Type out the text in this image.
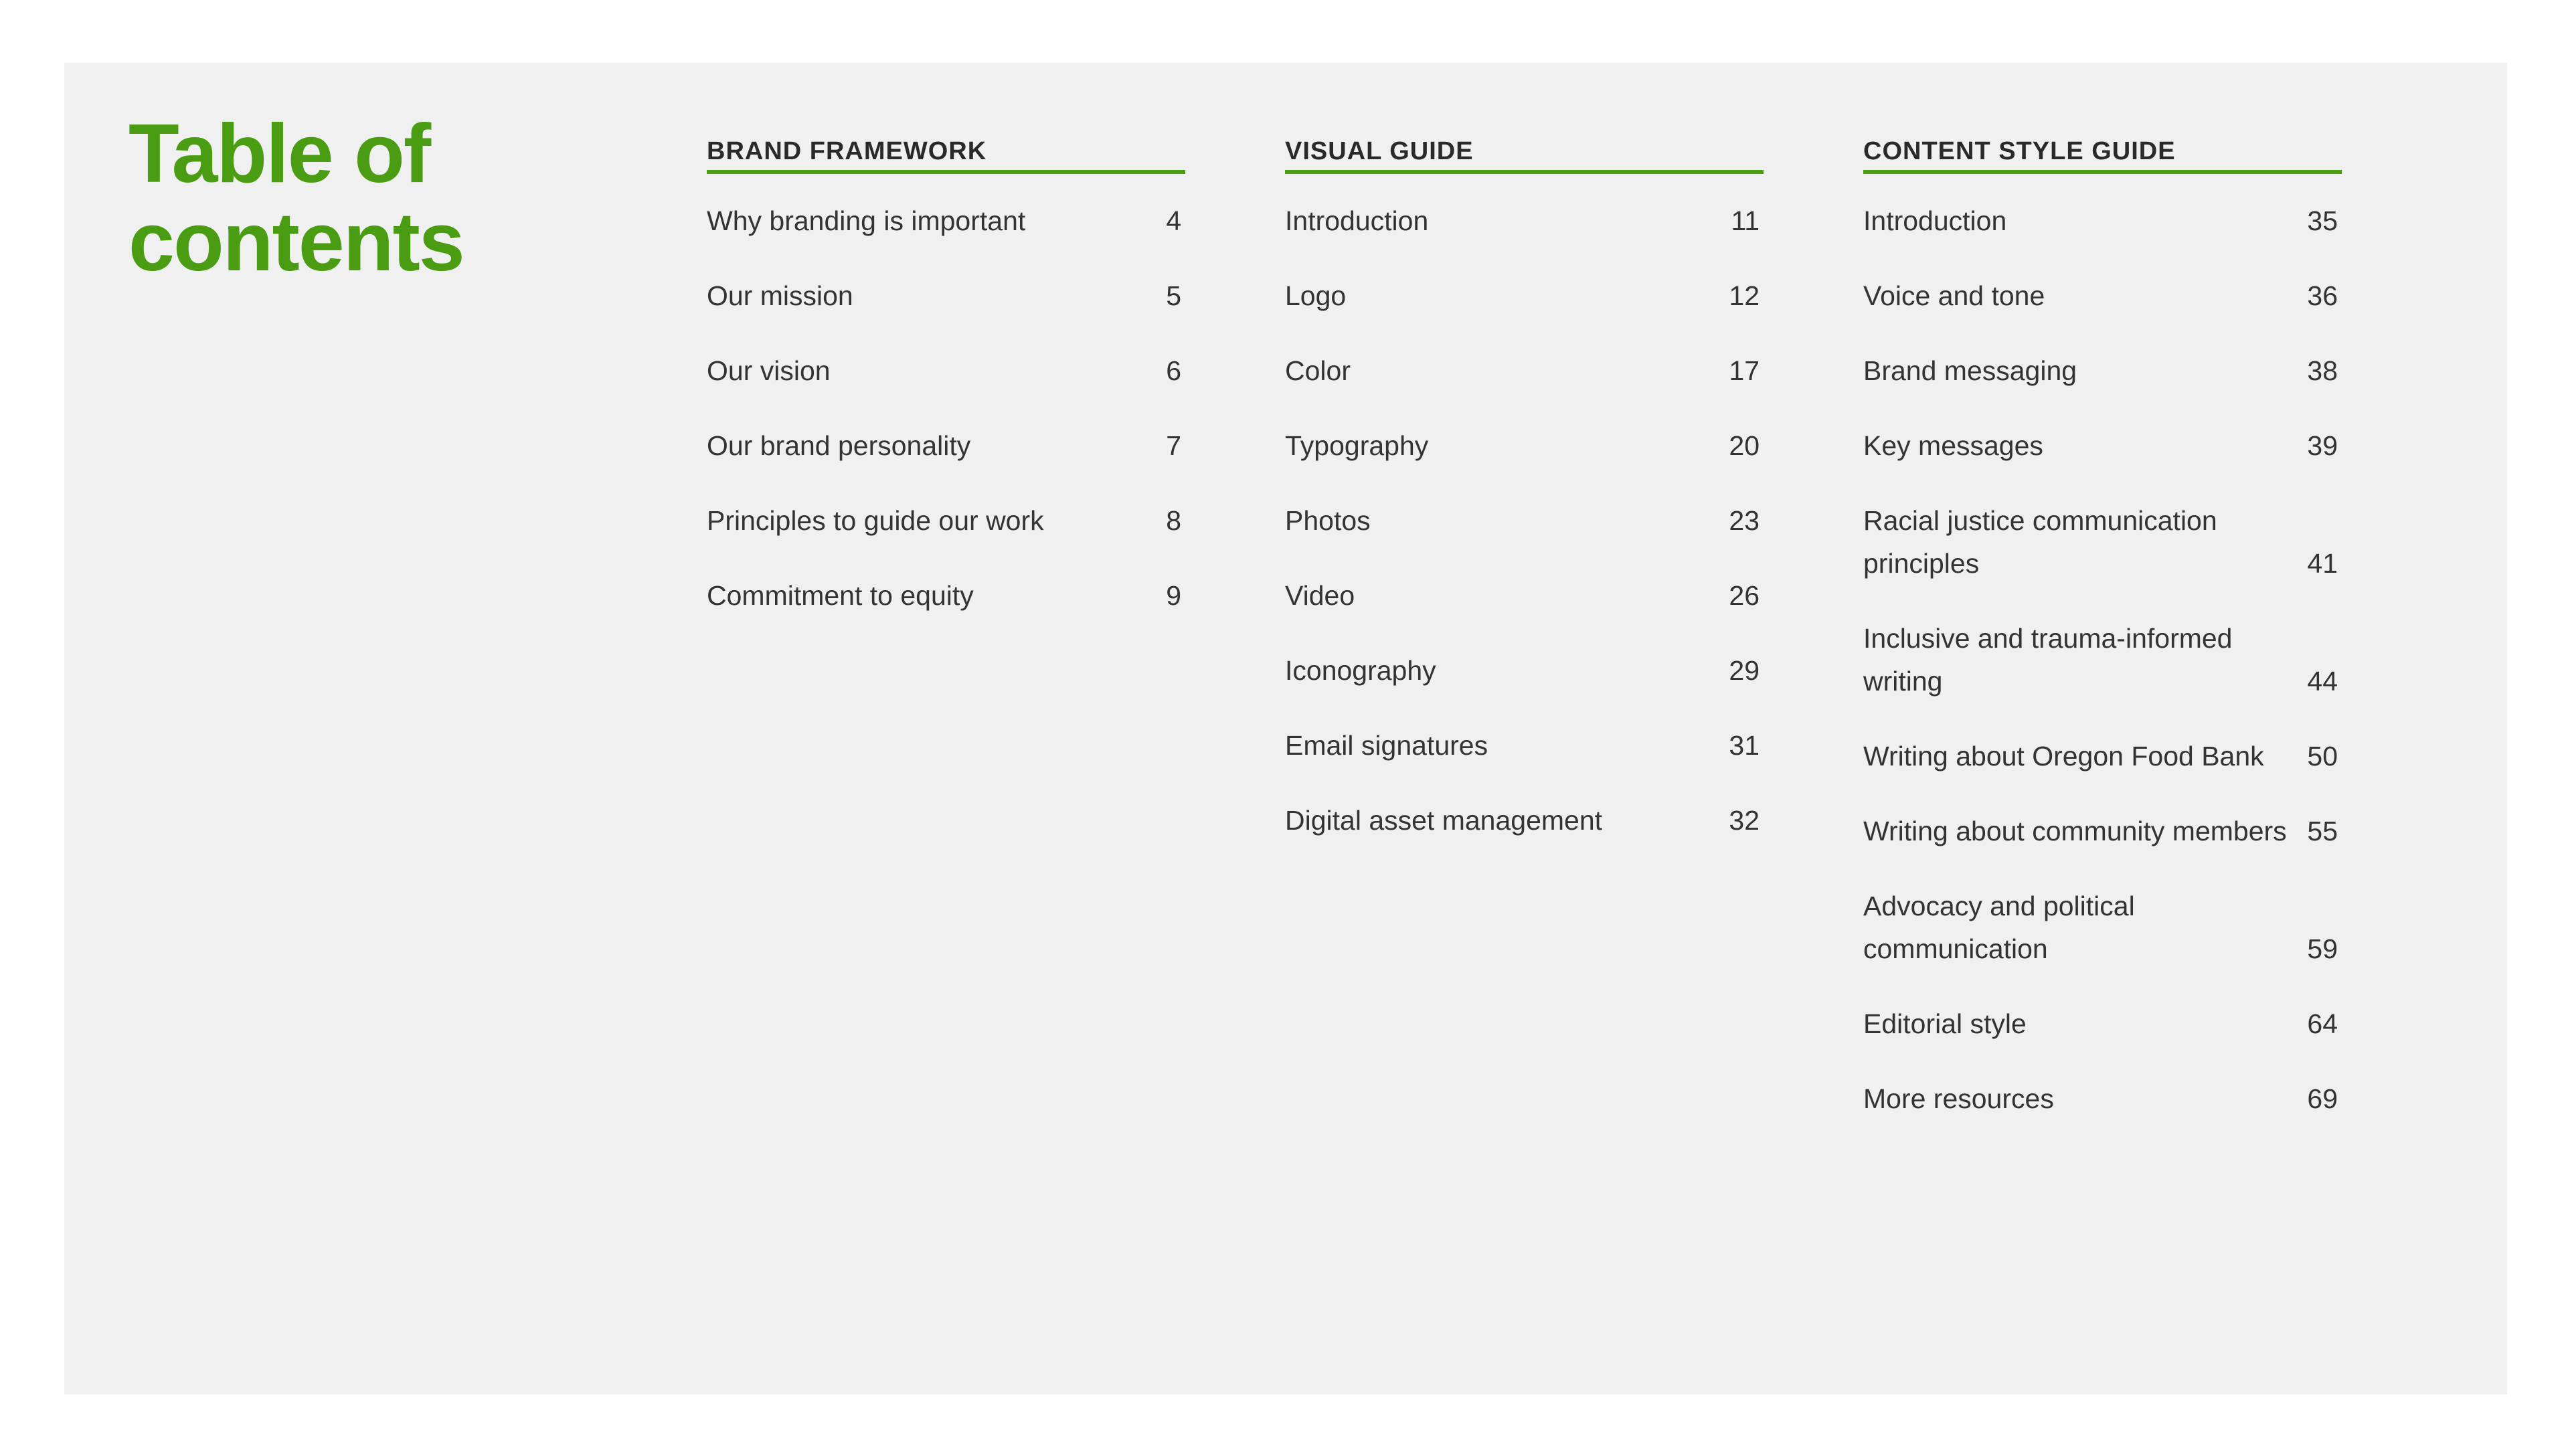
Table of contents
BRAND FRAMEWORK
Why branding is important	4
Our mission	5
Our vision	6
Our brand personality	7
Principles to guide our work	8
Commitment to equity	9
VISUAL GUIDE
Introduction	11
Logo	12
Color	17
Typography	20
Photos	23
Video	26
Iconography	29
Email signatures	31
Digital asset management	32
CONTENT STYLE GUIDE
Introduction	35
Voice and tone	36
Brand messaging	38
Key messages	39
Racial justice communication principles	41
Inclusive and trauma-informed writing	44
Writing about Oregon Food Bank	50
Writing about community members 55
Advocacy and political communication	59
Editorial style	64
More resources	69
